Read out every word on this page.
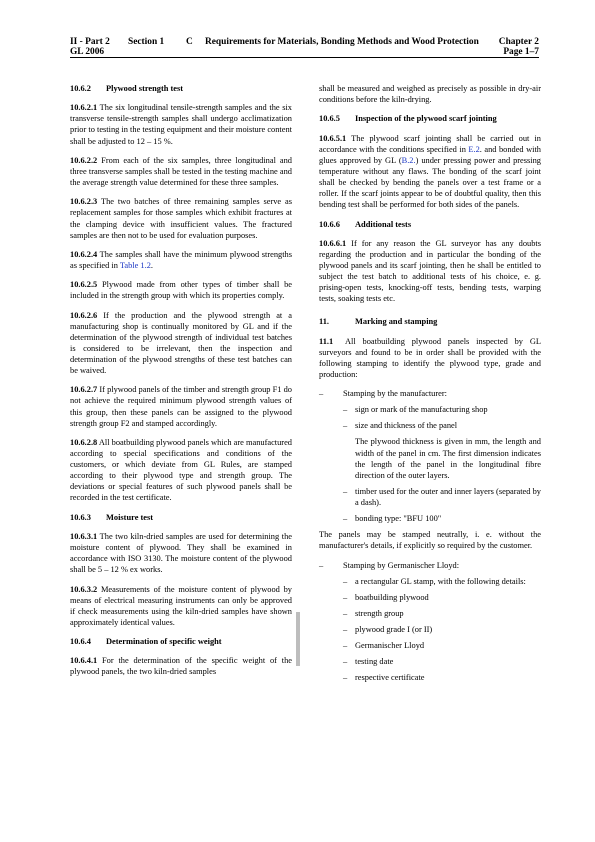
II - Part 2 Section 1 C Requirements for Materials, Bonding Methods and Wood Protection Chapter 2
GL 2006	Page 1–7
10.6.2 Plywood strength test

10.6.2.1 The six longitudinal tensile-strength samples and the six transverse tensile-strength samples shall undergo acclimatization prior to testing in the testing equipment and their moisture content shall be adjusted to 12 – 15 %.

10.6.2.2 From each of the six samples, three longitudinal and three transverse samples shall be tested in the testing machine and the average strength value determined for these three samples.

10.6.2.3 The two batches of three remaining samples serve as replacement samples for those samples which exhibit fractures at the clamping device with insufficient values. The fractured samples are then not to be used for evaluation purposes.

10.6.2.4 The samples shall have the minimum plywood strengths as specified in Table 1.2.

10.6.2.5 Plywood made from other types of timber shall be included in the strength group with which its properties comply.

10.6.2.6 If the production and the plywood strength at a manufacturing shop is continually monitored by GL and if the determination of the plywood strength of individual test batches is considered to be irrelevant, then the inspection and determination of the plywood strengths of these test batches can be waived.

10.6.2.7 If plywood panels of the timber and strength group F1 do not achieve the required minimum plywood strength values of this group, then these panels can be assigned to the plywood strength group F2 and stamped accordingly.

10.6.2.8 All boatbuilding plywood panels which are manufactured according to special specifications and conditions of the customers, or which deviate from GL Rules, are stamped according to their plywood type and strength group. The deviations or special features of such plywood panels shall be recorded in the test certificate.

10.6.3 Moisture test

10.6.3.1 The two kiln-dried samples are used for determining the moisture content of plywood. They shall be examined in accordance with ISO 3130. The moisture content of the plywood shall be 5 – 12 % ex works.

10.6.3.2 Measurements of the moisture content of plywood by means of electrical measuring instruments can only be approved if check measurements using the kiln-dried samples have shown approximately identical values.

10.6.4 Determination of specific weight

10.6.4.1 For the determination of the specific weight of the plywood panels, the two kiln-dried samples

shall be measured and weighed as precisely as possible in dry-air conditions before the kiln-drying.

10.6.5 Inspection of the plywood scarf jointing

10.6.5.1 The plywood scarf jointing shall be carried out in accordance with the conditions specified in E.2. and bonded with glues approved by GL (B.2.) under pressing power and pressing temperature without any flaws. The bonding of the scarf joint shall be checked by bending the panels over a test frame or a roller. If the scarf joints appear to be of doubtful quality, then this bending test shall be performed for both sides of the panels.

10.6.6 Additional tests

10.6.6.1 If for any reason the GL surveyor has any doubts regarding the production and in particular the bonding of the plywood panels and its scarf jointing, then he shall be entitled to subject the test batch to additional tests of his choice, e. g. prising-open tests, knocking-off tests, bending tests, warping tests, soaking tests etc.

11.	Marking and stamping

11.1 All boatbuilding plywood panels inspected by GL surveyors and found to be in order shall be provided with the following stamping to identify the plywood type, grade and production:

– Stamping by the manufacturer:
– sign or mark of the manufacturing shop
– size and thickness of the panel
The plywood thickness is given in mm, the length and width of the panel in cm. The first dimension indicates the length of the panel in the longitudinal fibre direction of the outer layers.
– timber used for the outer and inner layers (separated by a dash).
– bonding type: "BFU 100"

The panels may be stamped neutrally, i. e. without the manufacturer's details, if explicitly so required by the customer.

– Stamping by Germanischer Lloyd:
– a rectangular GL stamp, with the following details:
– boatbuilding plywood
– strength group
– plywood grade I (or II)
– Germanischer Lloyd
– testing date
– respective certificate
